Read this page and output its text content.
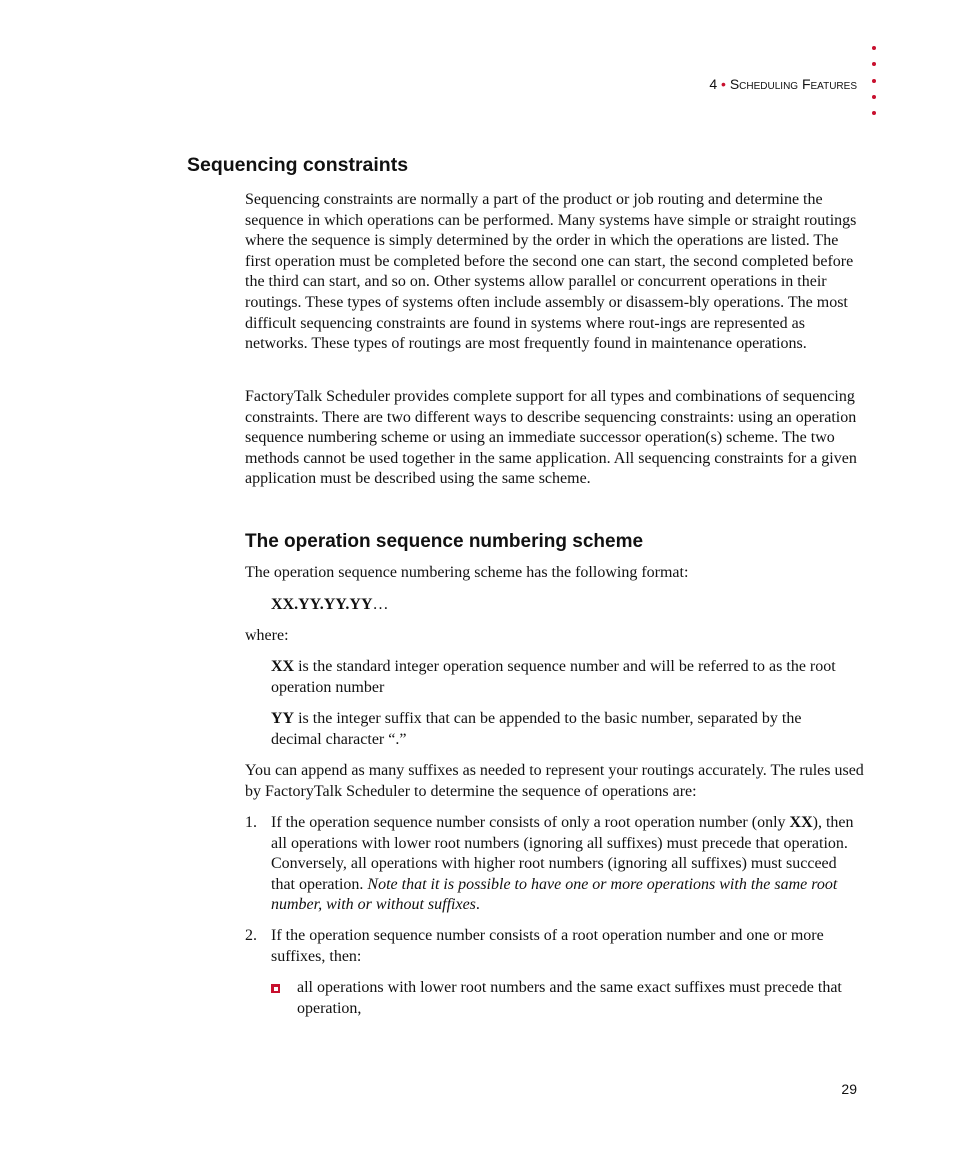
4 • Scheduling Features
Sequencing constraints

Sequencing constraints are normally a part of the product or job routing and determine the sequence in which operations can be performed. Many systems have simple or straight routings where the sequence is simply determined by the order in which the operations are listed. The first operation must be completed before the second one can start, the second completed before the third can start, and so on. Other systems allow parallel or concurrent operations in their routings. These types of systems often include assembly or disassem-bly operations. The most difficult sequencing constraints are found in systems where rout-ings are represented as networks. These types of routings are most frequently found in maintenance operations.

FactoryTalk Scheduler provides complete support for all types and combinations of sequencing constraints. There are two different ways to describe sequencing constraints: using an operation sequence numbering scheme or using an immediate successor operation(s) scheme. The two methods cannot be used together in the same application. All sequencing constraints for a given application must be described using the same scheme.

The operation sequence numbering scheme

The operation sequence numbering scheme has the following format:

XX.YY.YY.YY…

where:

XX is the standard integer operation sequence number and will be referred to as the root operation number

YY is the integer suffix that can be appended to the basic number, separated by the decimal character “.”

You can append as many suffixes as needed to represent your routings accurately. The rules used by FactoryTalk Scheduler to determine the sequence of operations are:

1. If the operation sequence number consists of only a root operation number (only XX), then all operations with lower root numbers (ignoring all suffixes) must precede that operation. Conversely, all operations with higher root numbers (ignoring all suffixes) must succeed that operation. Note that it is possible to have one or more operations with the same root number, with or without suffixes.

2. If the operation sequence number consists of a root operation number and one or more suffixes, then:

all operations with lower root numbers and the same exact suffixes must precede that operation,

29
